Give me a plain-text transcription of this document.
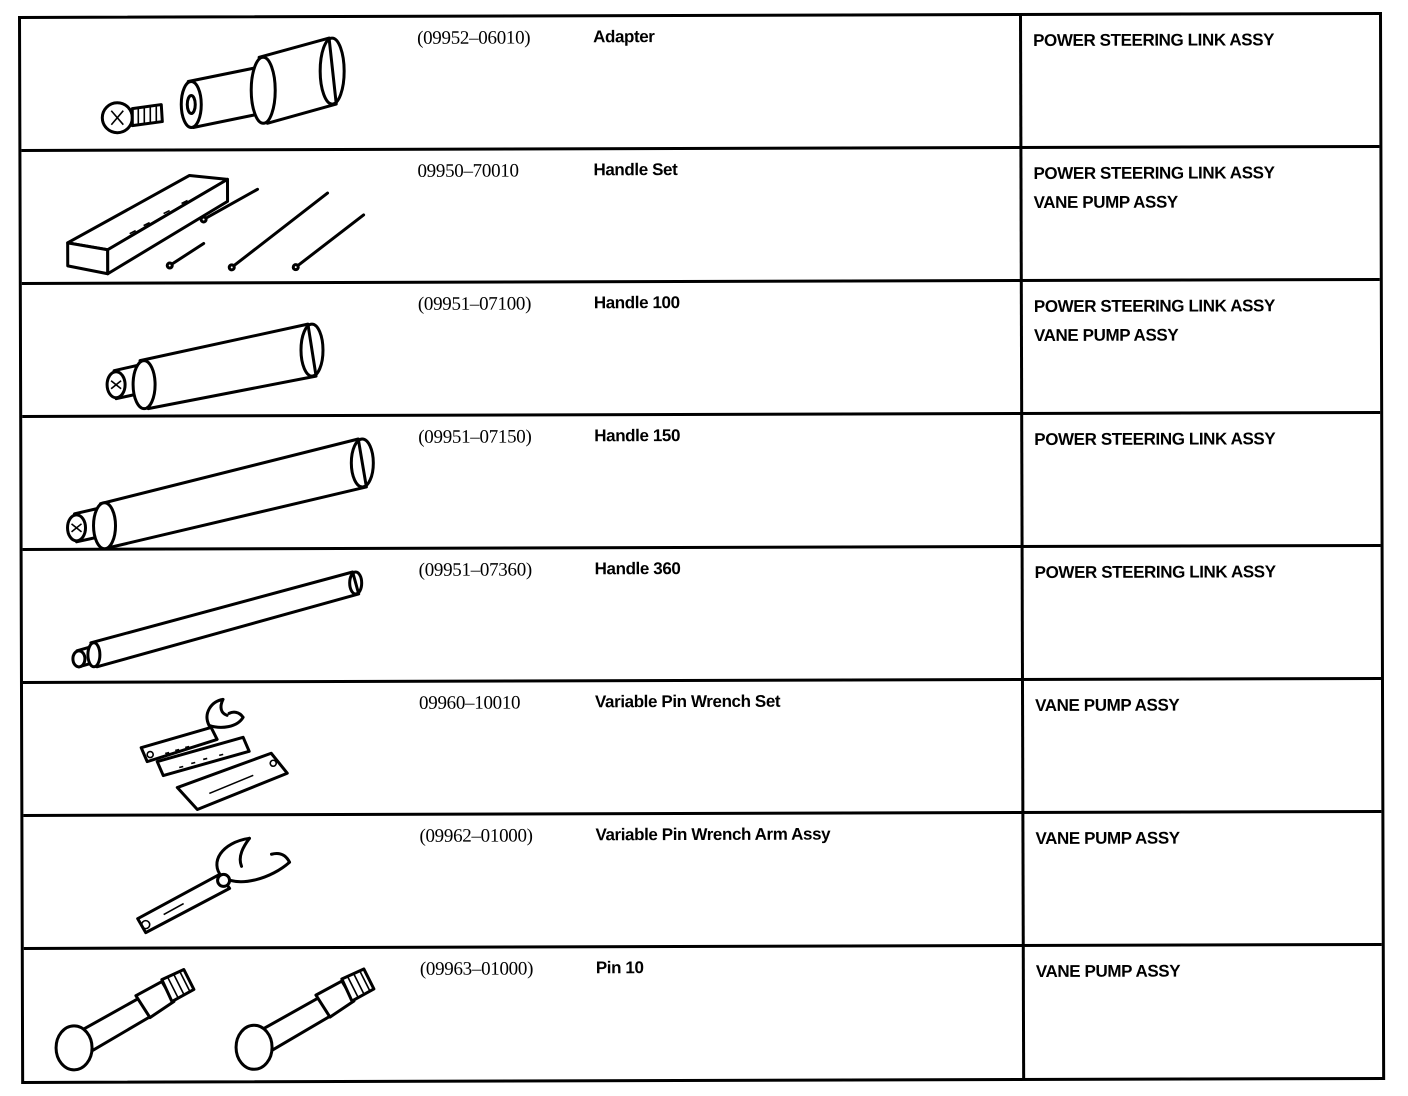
(09952–06010)	Adapter	POWER STEERING LINK ASSY
09950–70010	Handle Set	POWER STEERING LINK ASSY
VANE PUMP ASSY
(09951–07100)	Handle 100	POWER STEERING LINK ASSY
VANE PUMP ASSY
(09951–07150)	Handle 150	POWER STEERING LINK ASSY
(09951–07360)	Handle 360	POWER STEERING LINK ASSY
09960–10010	Variable Pin Wrench Set	VANE PUMP ASSY
(09962–01000)	Variable Pin Wrench Arm Assy	VANE PUMP ASSY
(09963–01000)	Pin 10	VANE PUMP ASSY
